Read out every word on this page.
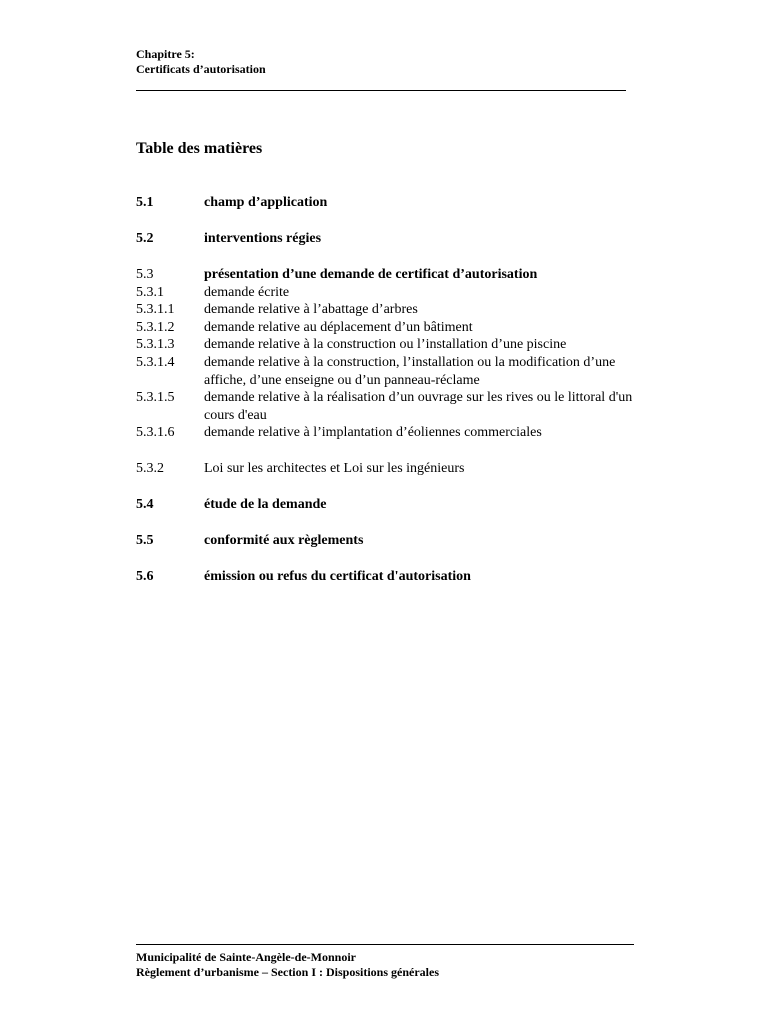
Chapitre 5:
Certificats d’autorisation
Table des matières
5.1	champ d’application
5.2	interventions régies
5.3	présentation d’une demande de certificat d’autorisation
5.3.1	demande écrite
5.3.1.1 demande relative à l’abattage d’arbres
5.3.1.2 demande relative au déplacement d’un bâtiment
5.3.1.3 demande relative à la construction ou l’installation d’une piscine
5.3.1.4 demande relative à la construction, l’installation ou la modification d’une affiche, d’une enseigne ou d’un panneau-réclame
5.3.1.5 demande relative à la réalisation d’un ouvrage sur les rives ou le littoral d'un cours d'eau
5.3.1.6 demande relative à l’implantation d’éoliennes commerciales
5.3.2	Loi sur les architectes et Loi sur les ingénieurs
5.4	étude de la demande
5.5	conformité aux règlements
5.6	émission ou refus du certificat d'autorisation
Municipalité de Sainte-Angèle-de-Monnoir
Règlement d’urbanisme – Section I : Dispositions générales
